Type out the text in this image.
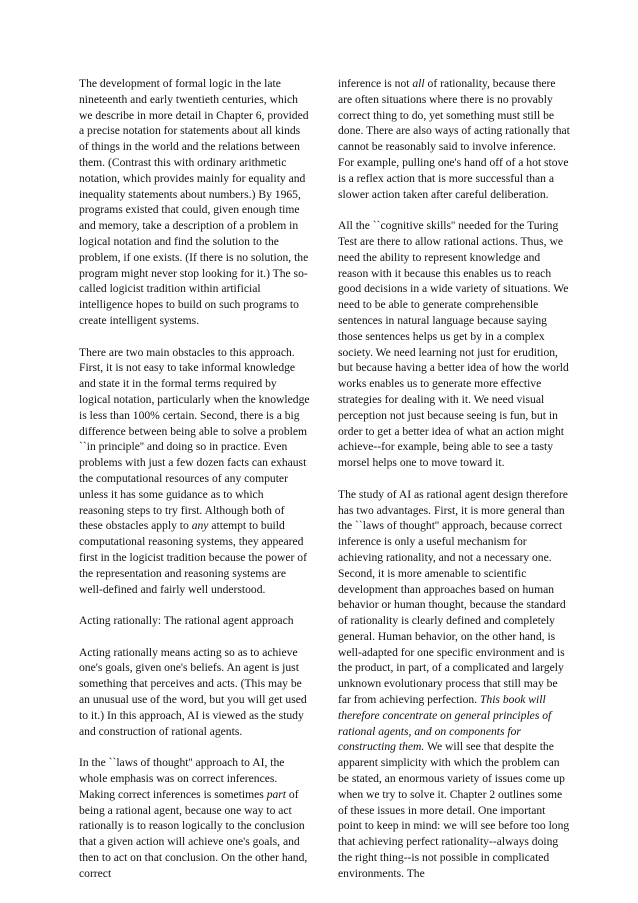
The development of formal logic in the late nineteenth and early twentieth centuries, which we describe in more detail in Chapter 6, provided a precise notation for statements about all kinds of things in the world and the relations between them. (Contrast this with ordinary arithmetic notation, which provides mainly for equality and inequality statements about numbers.) By 1965, programs existed that could, given enough time and memory, take a description of a problem in logical notation and find the solution to the problem, if one exists. (If there is no solution, the program might never stop looking for it.) The so-called logicist tradition within artificial intelligence hopes to build on such programs to create intelligent systems.

There are two main obstacles to this approach. First, it is not easy to take informal knowledge and state it in the formal terms required by logical notation, particularly when the knowledge is less than 100% certain. Second, there is a big difference between being able to solve a problem ``in principle'' and doing so in practice. Even problems with just a few dozen facts can exhaust the computational resources of any computer unless it has some guidance as to which reasoning steps to try first. Although both of these obstacles apply to any attempt to build computational reasoning systems, they appeared first in the logicist tradition because the power of the representation and reasoning systems are well-defined and fairly well understood.

Acting rationally: The rational agent approach

Acting rationally means acting so as to achieve one's goals, given one's beliefs. An agent is just something that perceives and acts. (This may be an unusual use of the word, but you will get used to it.) In this approach, AI is viewed as the study and construction of rational agents.

In the ``laws of thought'' approach to AI, the whole emphasis was on correct inferences. Making correct inferences is sometimes part of being a rational agent, because one way to act rationally is to reason logically to the conclusion that a given action will achieve one's goals, and then to act on that conclusion. On the other hand, correct

inference is not all of rationality, because there are often situations where there is no provably correct thing to do, yet something must still be done. There are also ways of acting rationally that cannot be reasonably said to involve inference. For example, pulling one's hand off of a hot stove is a reflex action that is more successful than a slower action taken after careful deliberation.

All the ``cognitive skills'' needed for the Turing Test are there to allow rational actions. Thus, we need the ability to represent knowledge and reason with it because this enables us to reach good decisions in a wide variety of situations. We need to be able to generate comprehensible sentences in natural language because saying those sentences helps us get by in a complex society. We need learning not just for erudition, but because having a better idea of how the world works enables us to generate more effective strategies for dealing with it. We need visual perception not just because seeing is fun, but in order to get a better idea of what an action might achieve--for example, being able to see a tasty morsel helps one to move toward it.

The study of AI as rational agent design therefore has two advantages. First, it is more general than the ``laws of thought'' approach, because correct inference is only a useful mechanism for achieving rationality, and not a necessary one. Second, it is more amenable to scientific development than approaches based on human behavior or human thought, because the standard of rationality is clearly defined and completely general. Human behavior, on the other hand, is well-adapted for one specific environment and is the product, in part, of a complicated and largely unknown evolutionary process that still may be far from achieving perfection. This book will therefore concentrate on general principles of rational agents, and on components for constructing them. We will see that despite the apparent simplicity with which the problem can be stated, an enormous variety of issues come up when we try to solve it. Chapter 2 outlines some of these issues in more detail. One important point to keep in mind: we will see before too long that achieving perfect rationality--always doing the right thing--is not possible in complicated environments. The
